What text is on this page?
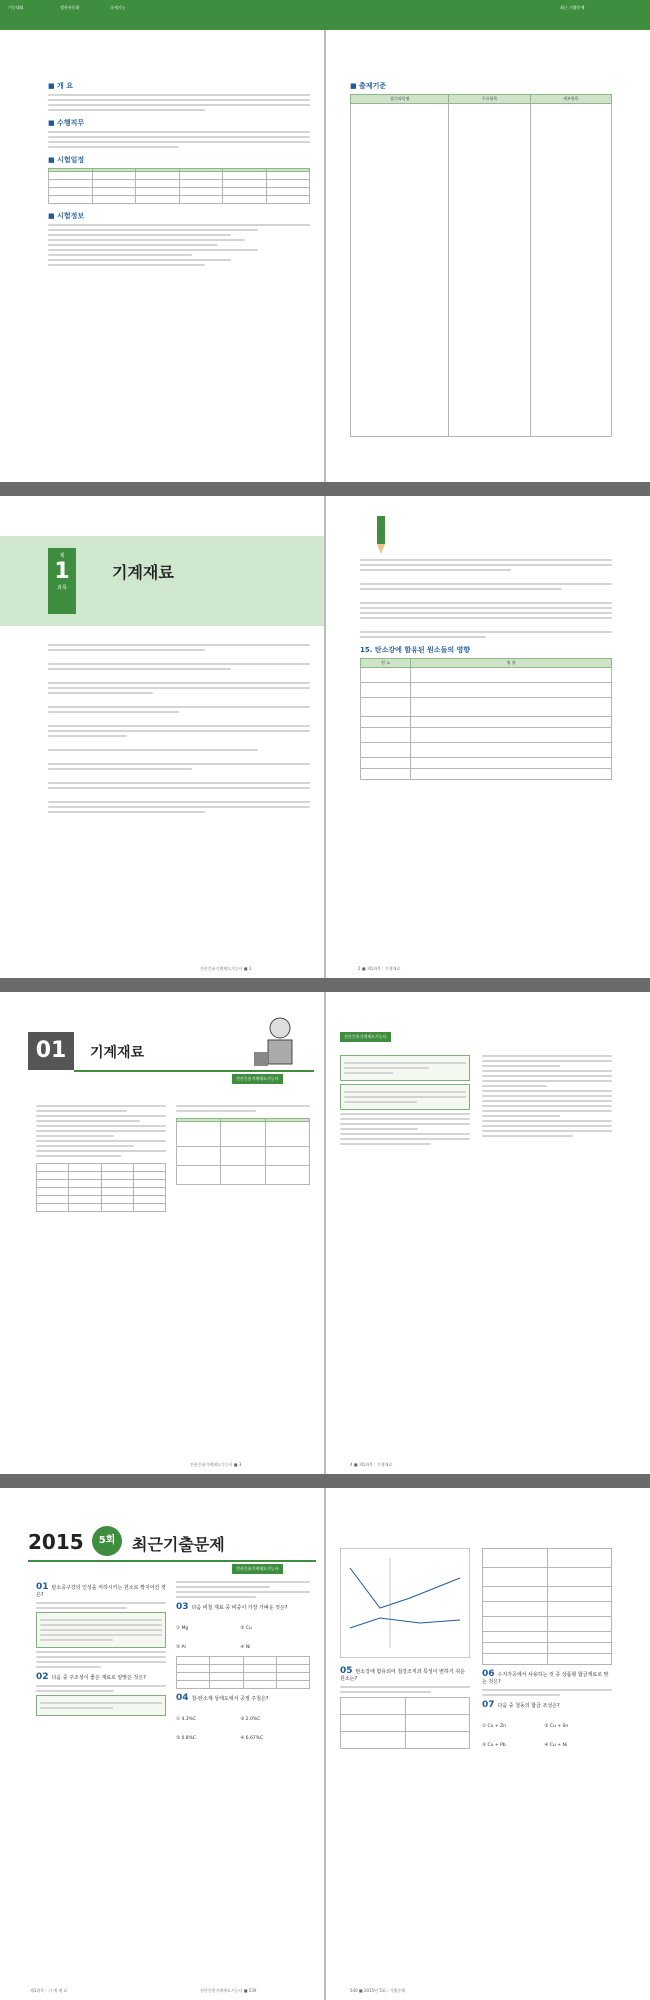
기능대회	생산자동화	국제기능	최근 기출문제
■ 개 요
■ 수행직무
■ 시험일정

■ 시험정보
■ 출제기준
필기과목명	주요항목	세부항목

제
1
과목
기계재료
전산응용기계제도기능사 ■ 1
15. 탄소강에 함유된 원소들의 영향
원 소	영 향

2 ■ 제1과목 : 기계재료
01	기계재료
전산응용기계제도기능사

전산응용기계제도기능사 ■ 3
전산응용기계제도기능사
4 ■ 제1과목 : 기계재료
2015	5회	최근기출문제
전산응용기계제도기능사
01 탄소공구강의 인성을 저하시키는 원소로 짝지어진 것은?
02 다음 중 주조성이 좋은 재료로 알맞은 것은?
03 다음 비철 재료 중 비중이 가장 가벼운 것은?
① Mg	② Cu ③ Al	④ Ni

04 철-탄소계 상태도에서 공정 주철은?
① 4.3%C	② 2.0%C ③ 0.8%C	④ 6.67%C
제1과목 - 기 계 재 료	전산응용기계제도기능사 ■ 539
05 탄소강에 함유되어 철강조직과 특성이 변하기 쉬운 원소는?

		06 수지가공에서 사용하는 것 중 상품형 합금재료로 맞는 것은?
07 다음 중 청동의 합금 조성은?
① Cu + Zn	② Cu + Sn ③ Cu + Pb	④ Cu + Ni
540 ■ 2015년 5회 : 기출문제
